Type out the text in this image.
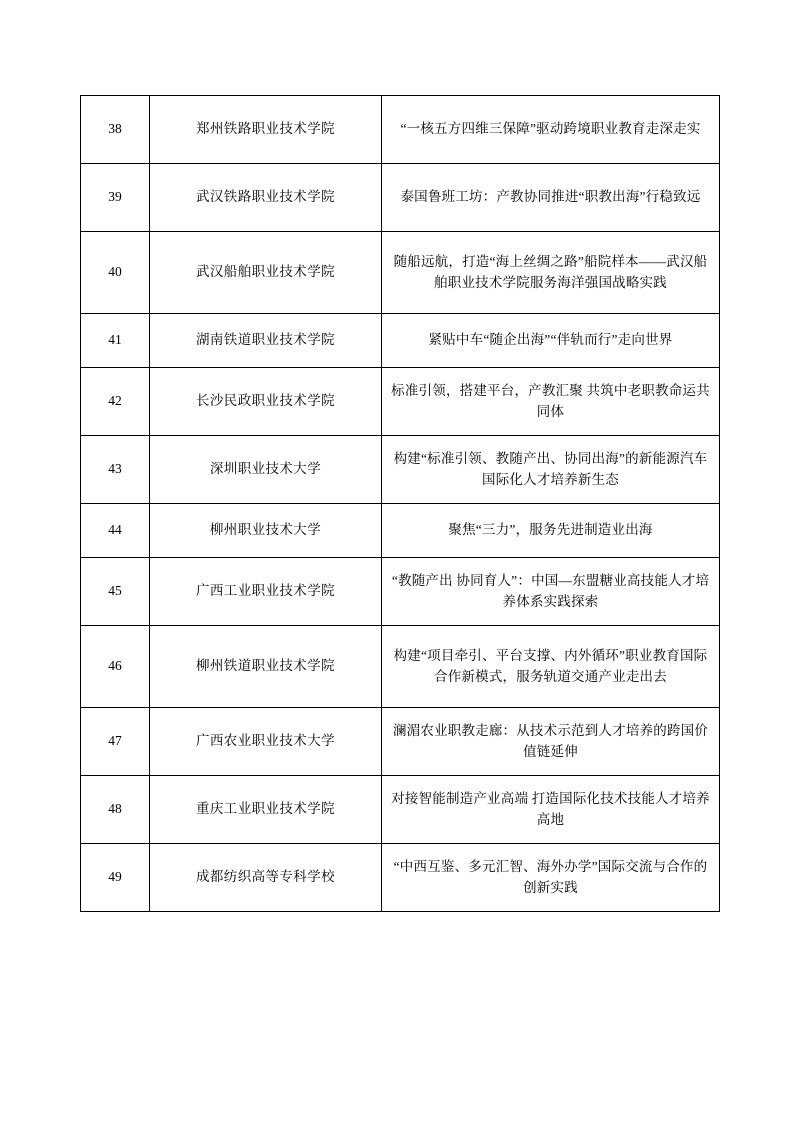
38	郑州铁路职业技术学院	“一核五方四维三保障”驱动跨境职业教育走深走实
39	武汉铁路职业技术学院	泰国鲁班工坊：产教协同推进“职教出海”行稳致远
40	武汉船舶职业技术学院	随船远航，打造“海上丝绸之路”船院样本——武汉船舶职业技术学院服务海洋强国战略实践
41	湖南铁道职业技术学院	紧贴中车“随企出海”“伴轨而行”走向世界
42	长沙民政职业技术学院	标准引领，搭建平台，产教汇聚 共筑中老职教命运共同体
43	深圳职业技术大学	构建“标准引领、教随产出、协同出海”的新能源汽车国际化人才培养新生态
44	柳州职业技术大学	聚焦“三力”，服务先进制造业出海
45	广西工业职业技术学院	“教随产出 协同育人”：中国—东盟糖业高技能人才培养体系实践探索
46	柳州铁道职业技术学院	构建“项目牵引、平台支撑、内外循环”职业教育国际合作新模式，服务轨道交通产业走出去
47	广西农业职业技术大学	澜湄农业职教走廊：从技术示范到人才培养的跨国价值链延伸
48	重庆工业职业技术学院	对接智能制造产业高端 打造国际化技术技能人才培养高地
49	成都纺织高等专科学校	“中西互鉴、多元汇智、海外办学”国际交流与合作的创新实践
